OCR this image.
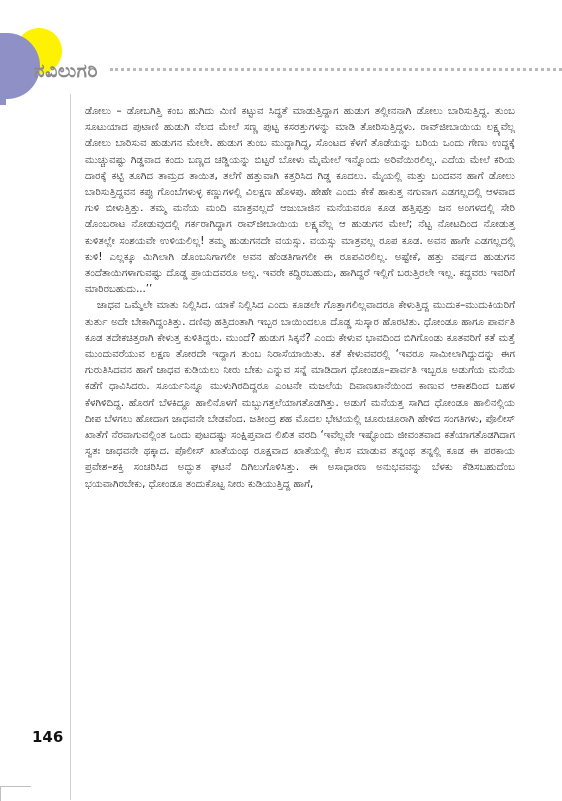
ನವಿಲುಗರಿ

ಡೋಲು – ಡೋಬಗಿತ್ತಿ ಕಂಬ ಹುಗಿದು ಮಿಣಿ ಕಟ್ಟುವ ಸಿದ್ಧತೆ ಮಾಡುತ್ತಿದ್ದಾಗ ಹುಡುಗ ತಲ್ಲೀನನಾಗಿ ಡೋಲು ಬಾರಿಸುತ್ತಿದ್ದ. ತುಂಬ ಸೂಟುಯಾದ ಪುಟಾಣಿ ಹುಡುಗಿ ನೆಲದ ಮೇಲೆ ಸಣ್ಣ ಪುಟ್ಟ ಕಸರತ್ತುಗಳನ್ನು ಮಾಡಿ ತೋರಿಸುತ್ತಿದ್ದಳು. ರಾವ್‌ಜೀಬಾಯಿಯ ಲಕ್ಷ್ಯವೆಲ್ಲ ಡೋಲು ಬಾರಿಸುವ ಹುಡುಗನ ಮೇಲೇ. ಹುಡುಗ ತುಂಬ ಮುದ್ದಾಗಿದ್ದ, ಸೊಂಟದ ಕೆಳಗೆ ತೊಡೆಯನ್ನು ಬರಿಯ ಒಂದು ಗೇಣು ಉದ್ದಕ್ಕೆ ಮುಚ್ಚುವಷ್ಟು ಗಿಡ್ಡವಾದ ಕಂದು ಬಣ್ಣದ ಚಡ್ಡಿಯನ್ನು ಬಿಟ್ಟರೆ ಬೋಳು ಮೈಮೇಲೆ ಇನ್ನೊಂದು ಅರಿವೆಯಿರಲಿಲ್ಲ. ಎದೆಯ ಮೇಲೆ ಕರಿಯ ದಾರಕ್ಕೆ ಕಟ್ಟಿ ತೂಗಿದ ತಾಮ್ರದ ತಾಯಿತ, ತಲೆಗೆ ಹತ್ತುವಾಗಿ ಕತ್ತರಿಸಿದ ಗಿಡ್ಡ ಕೂದಲು. ಮೈಯಲ್ಲಿ ಮತ್ತು ಬಂದವನ ಹಾಗೆ ಡೋಲು ಬಾರಿಸುತ್ತಿದ್ದವನ ಕಪ್ಪು ಗೊಂಬೆಗಳುಳ್ಳ ಕಣ್ಣುಗಳಲ್ಲಿ ವಿಲಕ್ಷಣ ಹೊಳಪು. ಹೇಹೇ ಎಂದು ಕೇಕೆ ಹಾಕುತ್ತ ನಗುವಾಗ ಎಡಗಲ್ಲದಲ್ಲಿ ಆಳವಾದ ಗುಳಿ ಬೀಳುತ್ತಿತ್ತು. ತಮ್ಮ ಮನೆಯ ಮಂದಿ ಮಾತ್ರವಲ್ಲದೆ ಆಜುಬಾಜಿನ ಮನೆಯವರೂ ಕೂಡ ಹತ್ತಿಪ್ಪತ್ತು ಜನ ಅಂಗಳದಲ್ಲಿ ಸೇರಿ ಡೊಂಬರಾಟ ನೋಡುವುದಲ್ಲಿ ಗರ್ಕರಾಗಿದ್ದಾಗ ರಾವ್‌ಜೀಬಾಯಿಯ ಲಕ್ಷ್ಯವೆಲ್ಲ ಆ ಹುಡುಗನ ಮೇಲೆ; ನೆಟ್ಟ ನೋಟದಿಂದ ನೋಡುತ್ತ ಕುಳಿತಲ್ಲೇ ಸಂಶಯವೇ ಉಳಿಯಲಿಲ್ಲ! ತಮ್ಮ ಹುಡುಗನದೇ ವಯಸ್ಸು. ವಯಸ್ಸು ಮಾತ್ರವಲ್ಲ ರೂಪ ಕೂಡ. ಅವನ ಹಾಗೇ ಎಡಗಲ್ಲದಲ್ಲಿ ಕುಳಿ! ಎಲ್ಲಕ್ಕೂ ಮಿಗಿಲಾಗಿ ಡೊಂಬನಿಗಾಗಲೀ ಅವನ ಹೆಂಡತಿಗಾಗಲೀ ಈ ರೂಪವಿರಲಿಲ್ಲ. ಅಷ್ಟೇಕೆ, ಹತ್ತು ವರ್ಷದ ಹುಡುಗನ ತಂದೆತಾಯಿಗಳಾಗುವಷ್ಟು ದೊಡ್ಡ ಪ್ರಾಯದವರೂ ಅಲ್ಲ. ಇವರೇ ಕದ್ದಿರಬಹುದು, ಹಾಗಿದ್ದರೆ ಇಲ್ಲಿಗೆ ಬರುತ್ತಿರಲೇ ಇಲ್ಲ. ಕದ್ದವರು ಇವರಿಗೆ ಮಾರಿರಬಹುದು...’’

ಜಾಧವ ಒಮ್ಮೆಲೇ ಮಾತು ನಿಲ್ಲಿಸಿದ. ಯಾಕೆ ನಿಲ್ಲಿಸಿದ ಎಂದು ಕೂಡಲೇ ಗೊತ್ತಾಗಲಿಲ್ಲವಾದರೂ ಕೇಳುತ್ತಿದ್ದ ಮುದುಕ–ಮುದುಕಿಯರಿಗೆ ತುರ್ತು ಅದೇ ಬೇಕಾಗಿದ್ದಂತಿತ್ತು. ದಣಿವು ಹತ್ತಿದಂತಾಗಿ ಇಬ್ಬರ ಬಾಯಿಂದಲೂ ದೊಡ್ಡ ಸುಸ್ಕಾರ ಹೊರಟಿತು. ಧೋಂಡೂ ಹಾಗೂ ಪಾರ್ವತಿ ಕೂಡ ತದೇಕಚಿತ್ತರಾಗಿ ಕೇಳುತ್ತ ಕುಳಿತಿದ್ದರು. ಮುಂದೆ? ಹುಡುಗ ಸಿಕ್ಕನೆ? ಎಂದು ಕೇಳುವ ಭಾವದಿಂದ ಬಿಗಿಗೊಂಡು ಕೂತವರಿಗೆ ಕತೆ ಮತ್ತೆ ಮುಂದುವರೆಯುವ ಲಕ್ಷಣ ತೋರದೇ ಇದ್ದಾಗ ತುಂಬ ನಿರಾಸೆಯಾಯಿತು. ಕತೆ ಕೇಳುವವರಲ್ಲಿ ‘ಇವರೂ ಸಾಮೀಲಾಗಿದ್ದುದನ್ನು ಈಗ ಗುರುತಿಸಿದವನ ಹಾಗೆ ಜಾಧವ ಕುಡಿಯಲು ನೀರು ಬೇಕು ಎನ್ನುವ ಸನ್ನೆ ಮಾಡಿದಾಗ ಧೋಂಡೂ–ಪಾರ್ವತಿ ಇಬ್ಬರೂ ಅಡುಗೆಯ ಮನೆಯ ಕಡೆಗೆ ಧಾವಿಸಿದರು. ಸೂರ್ಯನಿನ್ನೂ ಮುಳುಗಿರದಿದ್ದರೂ ಎಂಟನೇ ಮಜಲೆಯ ದಿವಾಣಖಾನೆಯಿಂದ ಕಾಣುವ ಆಕಾಶದಿಂದ ಬಹಳ ಕೆಳಗಿಳಿದಿದ್ದ. ಹೊರಗೆ ಬೆಳಕಿದ್ದೂ ಹಾಲಿನೊಳಗೆ ಮಬ್ಬುಗತ್ತಲೆಯಾಗತೊಡಗಿತ್ತು. ಅಡುಗೆ ಮನೆಯತ್ತ ಸಾಗಿದ ಧೋಂಡೂ ಹಾಲಿನಲ್ಲಿಯ ದೀಪ ಬೆಳಗಲು ಹೋದಾಗ ಜಾಧವನೇ ಬೇಡವೆಂದ. ಜತೀಂದ್ರ ಶಹ ಮೊದಲ ಭೇಟಿಯಲ್ಲಿ ಚೂರುಚೂರಾಗಿ ಹೇಳಿದ ಸಂಗತಿಗಳು, ಪೊಲೀಸ್ ಖಾತೆಗೆ ನೆರವಾಗುವಲ್ಲಿಂತ ಒಂದು ಪುಟದಷ್ಟು ಸಂಕ್ಷಿಪ್ತವಾದ ಲಿಖಿತ ವರದಿ ‘ಇವೆಲ್ಲವೇ ಇಷ್ಟೊಂದು ಜೀವಂತವಾದ ಕತೆಯಾಗತೊಡಗಿದಾಗ ಸ್ವತಃ ಜಾಧವನೇ ಥಕ್ಕಾದ. ಪೊಲೀಸ್ ಖಾತೆಯಂಥ ರೂಕ್ಷವಾದ ಖಾತೆಯಲ್ಲಿ ಕೆಲಸ ಮಾಡುವ ತನ್ನಂಥ ತನ್ನಲ್ಲಿ ಕೂಡ ಈ ಪರಕಾಯ ಪ್ರವೇಶ–ಶಕ್ತಿ ಸಂಚರಿಸಿದ ಅದ್ಭುತ ಘಟನೆ ದಿಗಿಲುಗೊಳಿಸಿತ್ತು. ಈ ಅಸಾಧಾರಣ ಅನುಭವವನ್ನು ಬೆಳಕು ಕೆಡಿಸಬಹುದೆಂಬ ಭಯವಾಗಿರಬೇಕು, ಧೋಂಡೂ ತಂದುಕೊಟ್ಟ ನೀರು ಕುಡಿಯುತ್ತಿದ್ದ ಹಾಗೆ,

146
